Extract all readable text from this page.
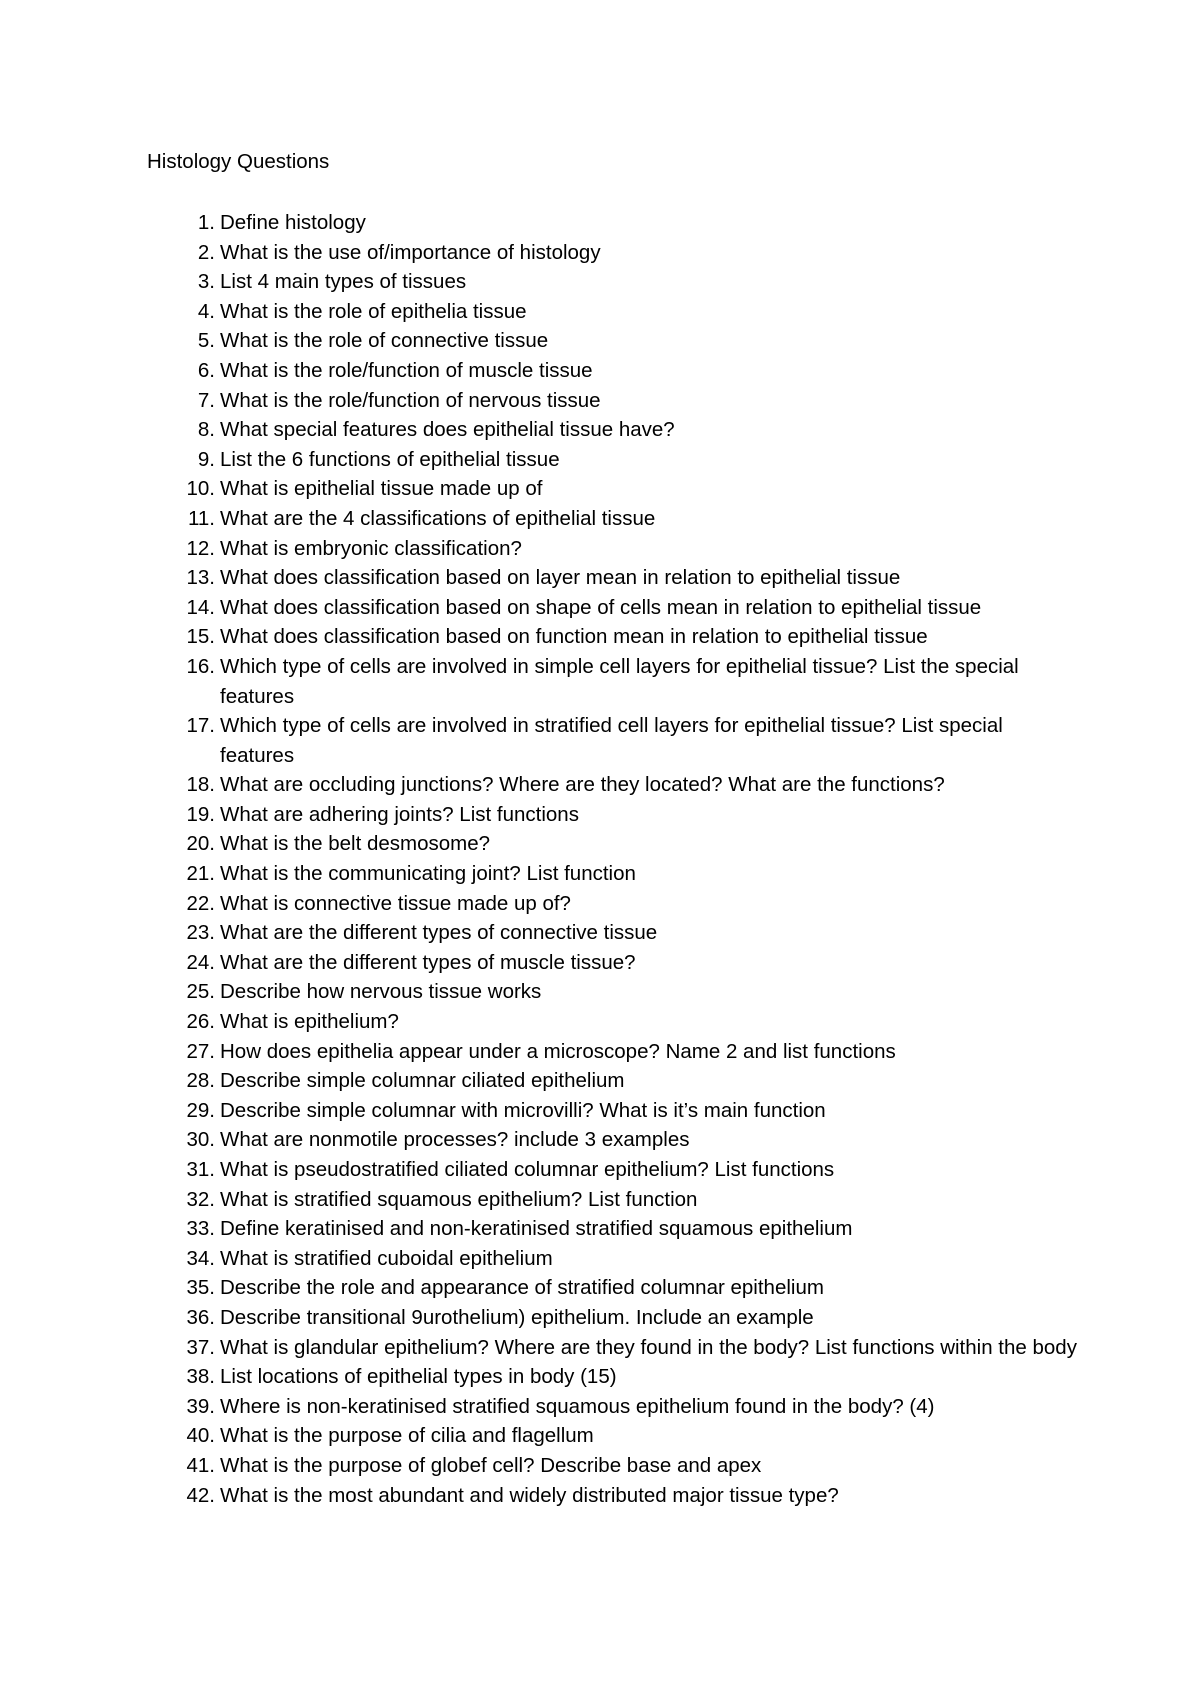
Histology Questions
1. Define histology
2. What is the use of/importance of histology
3. List 4 main types of tissues
4. What is the role of epithelia tissue
5. What is the role of connective tissue
6. What is the role/function of muscle tissue
7. What is the role/function of nervous tissue
8. What special features does epithelial tissue have?
9. List the 6 functions of epithelial tissue
10. What is epithelial tissue made up of
11. What are the 4 classifications of epithelial tissue
12. What is embryonic classification?
13. What does classification based on layer mean in relation to epithelial tissue
14. What does classification based on shape of cells mean in relation to epithelial tissue
15. What does classification based on function mean in relation to epithelial tissue
16. Which type of cells are involved in simple cell layers for epithelial tissue? List the special features
17. Which type of cells are involved in stratified cell layers for epithelial tissue? List special features
18. What are occluding junctions? Where are they located? What are the functions?
19. What are adhering joints? List functions
20. What is the belt desmosome?
21. What is the communicating joint? List function
22. What is connective tissue made up of?
23. What are the different types of connective tissue
24. What are the different types of muscle tissue?
25. Describe how nervous tissue works
26. What is epithelium?
27. How does epithelia appear under a microscope? Name 2 and list functions
28. Describe simple columnar ciliated epithelium
29. Describe simple columnar with microvilli? What is it’s main function
30. What are nonmotile processes? include 3 examples
31. What is pseudostratified ciliated columnar epithelium? List functions
32. What is stratified squamous epithelium? List function
33. Define keratinised and non-keratinised stratified squamous epithelium
34. What is stratified cuboidal epithelium
35. Describe the role and appearance of stratified columnar epithelium
36. Describe transitional 9urothelium) epithelium. Include an example
37. What is glandular epithelium? Where are they found in the body? List functions within the body
38. List locations of epithelial types in body (15)
39. Where is non-keratinised stratified squamous epithelium found in the body? (4)
40. What is the purpose of cilia and flagellum
41. What is the purpose of globef cell? Describe base and apex
42. What is the most abundant and widely distributed major tissue type?
